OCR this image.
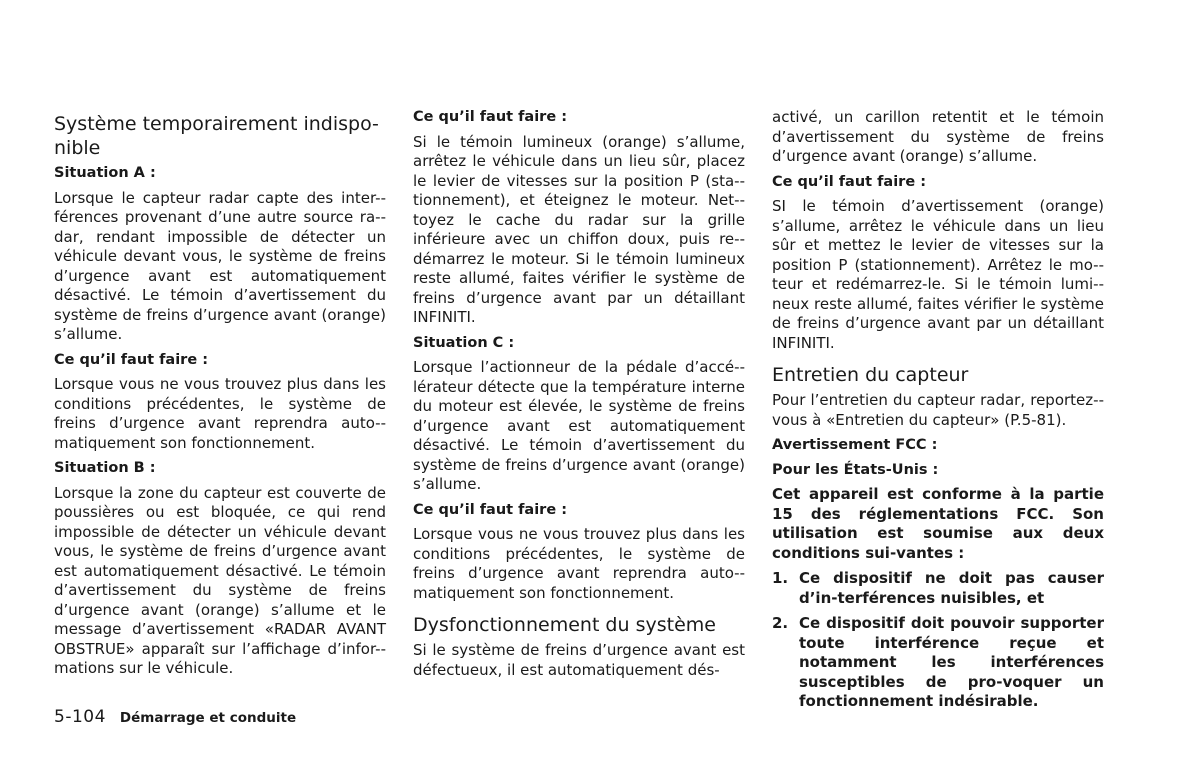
Système temporairement indispo-
nible
Situation A :

Lorsque le capteur radar capte des inter-férences provenant d’une autre source ra-dar, rendant impossible de détecter un véhicule devant vous, le système de freins d’urgence avant est automatiquement désactivé. Le témoin d’avertissement du système de freins d’urgence avant (orange) s’allume.

Ce qu’il faut faire :

Lorsque vous ne vous trouvez plus dans les conditions précédentes, le système de freins d’urgence avant reprendra auto-matiquement son fonctionnement.

Situation B :

Lorsque la zone du capteur est couverte de poussières ou est bloquée, ce qui rend impossible de détecter un véhicule devant vous, le système de freins d’urgence avant est automatiquement désactivé. Le témoin d’avertissement du système de freins d’urgence avant (orange) s’allume et le message d’avertissement «RADAR AVANT OBSTRUE» apparaît sur l’affichage d’infor-mations sur le véhicule.

Ce qu’il faut faire :

Si le témoin lumineux (orange) s’allume, arrêtez le véhicule dans un lieu sûr, placez le levier de vitesses sur la position P (sta-tionnement), et éteignez le moteur. Net-toyez le cache du radar sur la grille inférieure avec un chiffon doux, puis re-démarrez le moteur. Si le témoin lumineux reste allumé, faites vérifier le système de freins d’urgence avant par un détaillant INFINITI.

Situation C :

Lorsque l’actionneur de la pédale d’accé-lérateur détecte que la température interne du moteur est élevée, le système de freins d’urgence avant est automatiquement désactivé. Le témoin d’avertissement du système de freins d’urgence avant (orange) s’allume.

Ce qu’il faut faire :

Lorsque vous ne vous trouvez plus dans les conditions précédentes, le système de freins d’urgence avant reprendra auto-matiquement son fonctionnement.

Dysfonctionnement du système

Si le système de freins d’urgence avant est défectueux, il est automatiquement dés-

activé, un carillon retentit et le témoin d’avertissement du système de freins d’urgence avant (orange) s’allume.

Ce qu’il faut faire :

SI le témoin d’avertissement (orange) s’allume, arrêtez le véhicule dans un lieu sûr et mettez le levier de vitesses sur la position P (stationnement). Arrêtez le mo-teur et redémarrez-le. Si le témoin lumi-neux reste allumé, faites vérifier le système de freins d’urgence avant par un détaillant INFINITI.

Entretien du capteur

Pour l’entretien du capteur radar, reportez-vous à «Entretien du capteur» (P.5-81).

Avertissement FCC :
Pour les États-Unis :

Cet appareil est conforme à la partie 15 des réglementations FCC. Son utilisation est soumise aux deux conditions sui-vantes :

1. Ce dispositif ne doit pas causer d’in-terférences nuisibles, et
2. Ce dispositif doit pouvoir supporter toute interférence reçue et notamment les interférences susceptibles de pro-voquer un fonctionnement indésirable.
5-104 Démarrage et conduite
